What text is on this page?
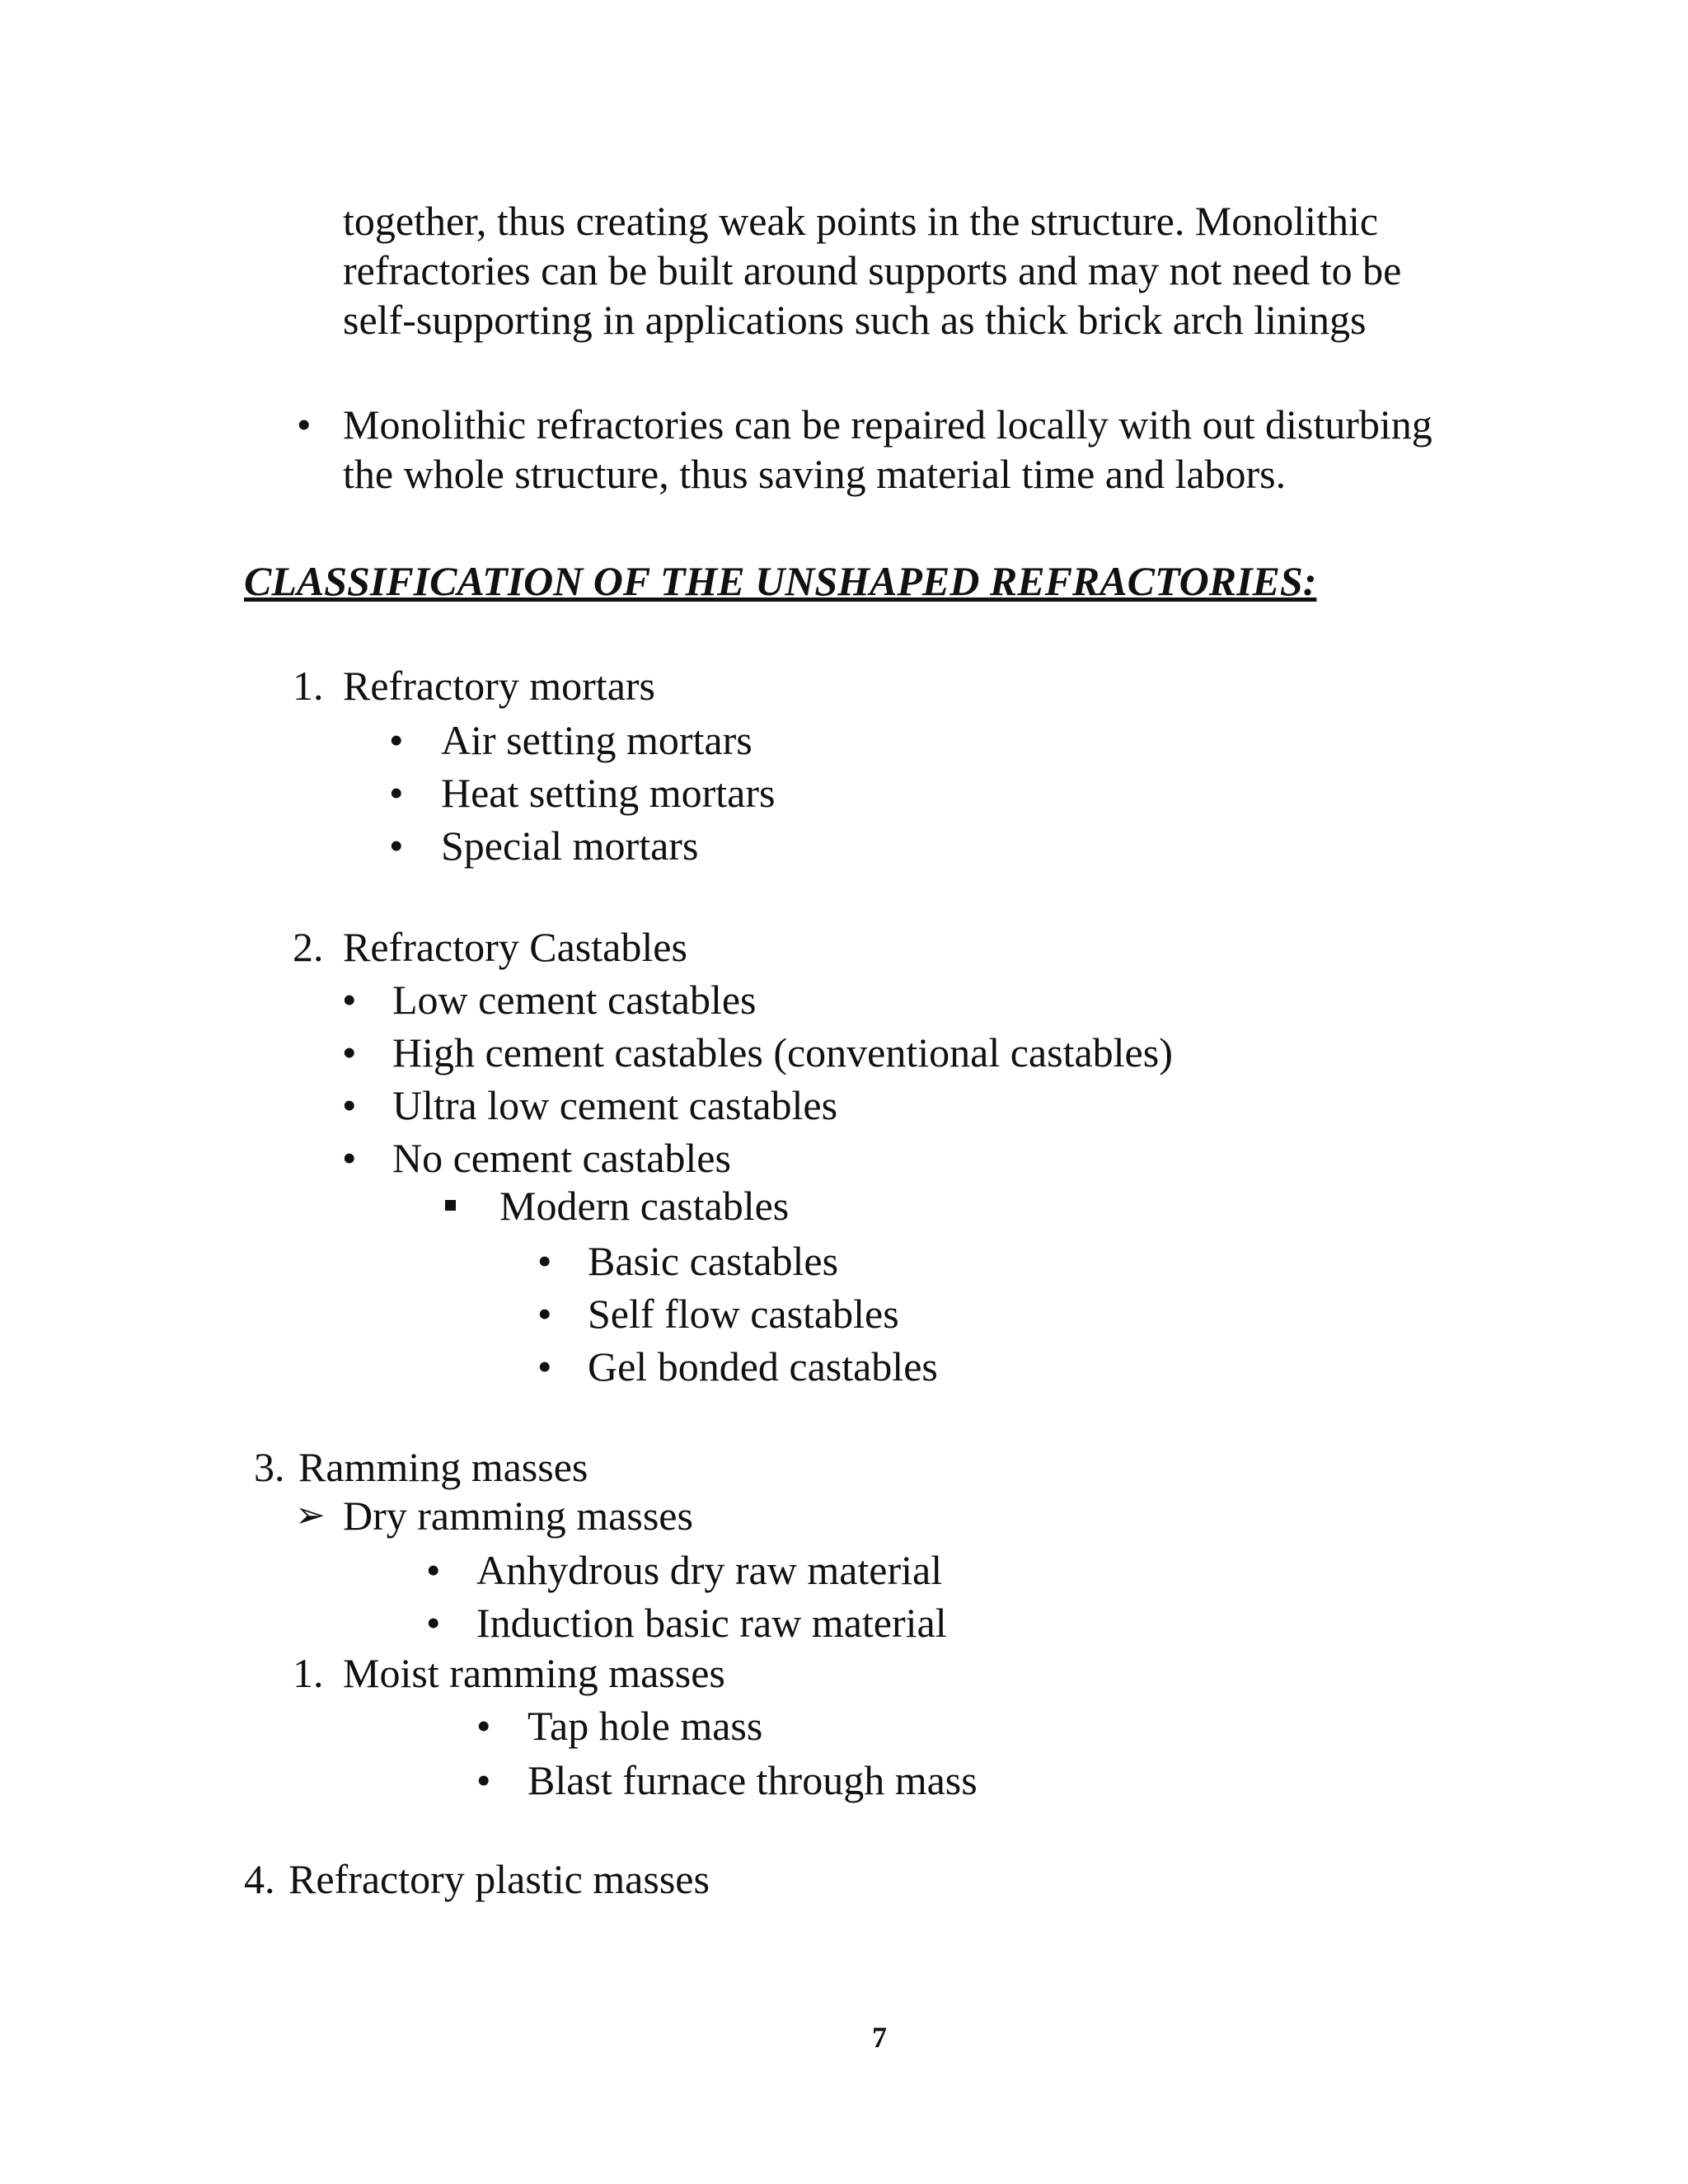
together, thus creating weak points in the structure. Monolithic
refractories can be built around supports and may not need to be
self-supporting in applications such as thick brick arch linings
• Monolithic refractories can be repaired locally with out disturbing
the whole structure, thus saving material time and labors.
CLASSIFICATION OF THE UNSHAPED REFRACTORIES:
1. Refractory mortars
• Air setting mortars
• Heat setting mortars
• Special mortars
2. Refractory Castables
• Low cement castables
• High cement castables (conventional castables)
• Ultra low cement castables
• No cement castables
Modern castables
• Basic castables
• Self flow castables
• Gel bonded castables
3. Ramming masses
➢ Dry ramming masses
• Anhydrous dry raw material
• Induction basic raw material
1. Moist ramming masses
• Tap hole mass
• Blast furnace through mass
4. Refractory plastic masses
7
